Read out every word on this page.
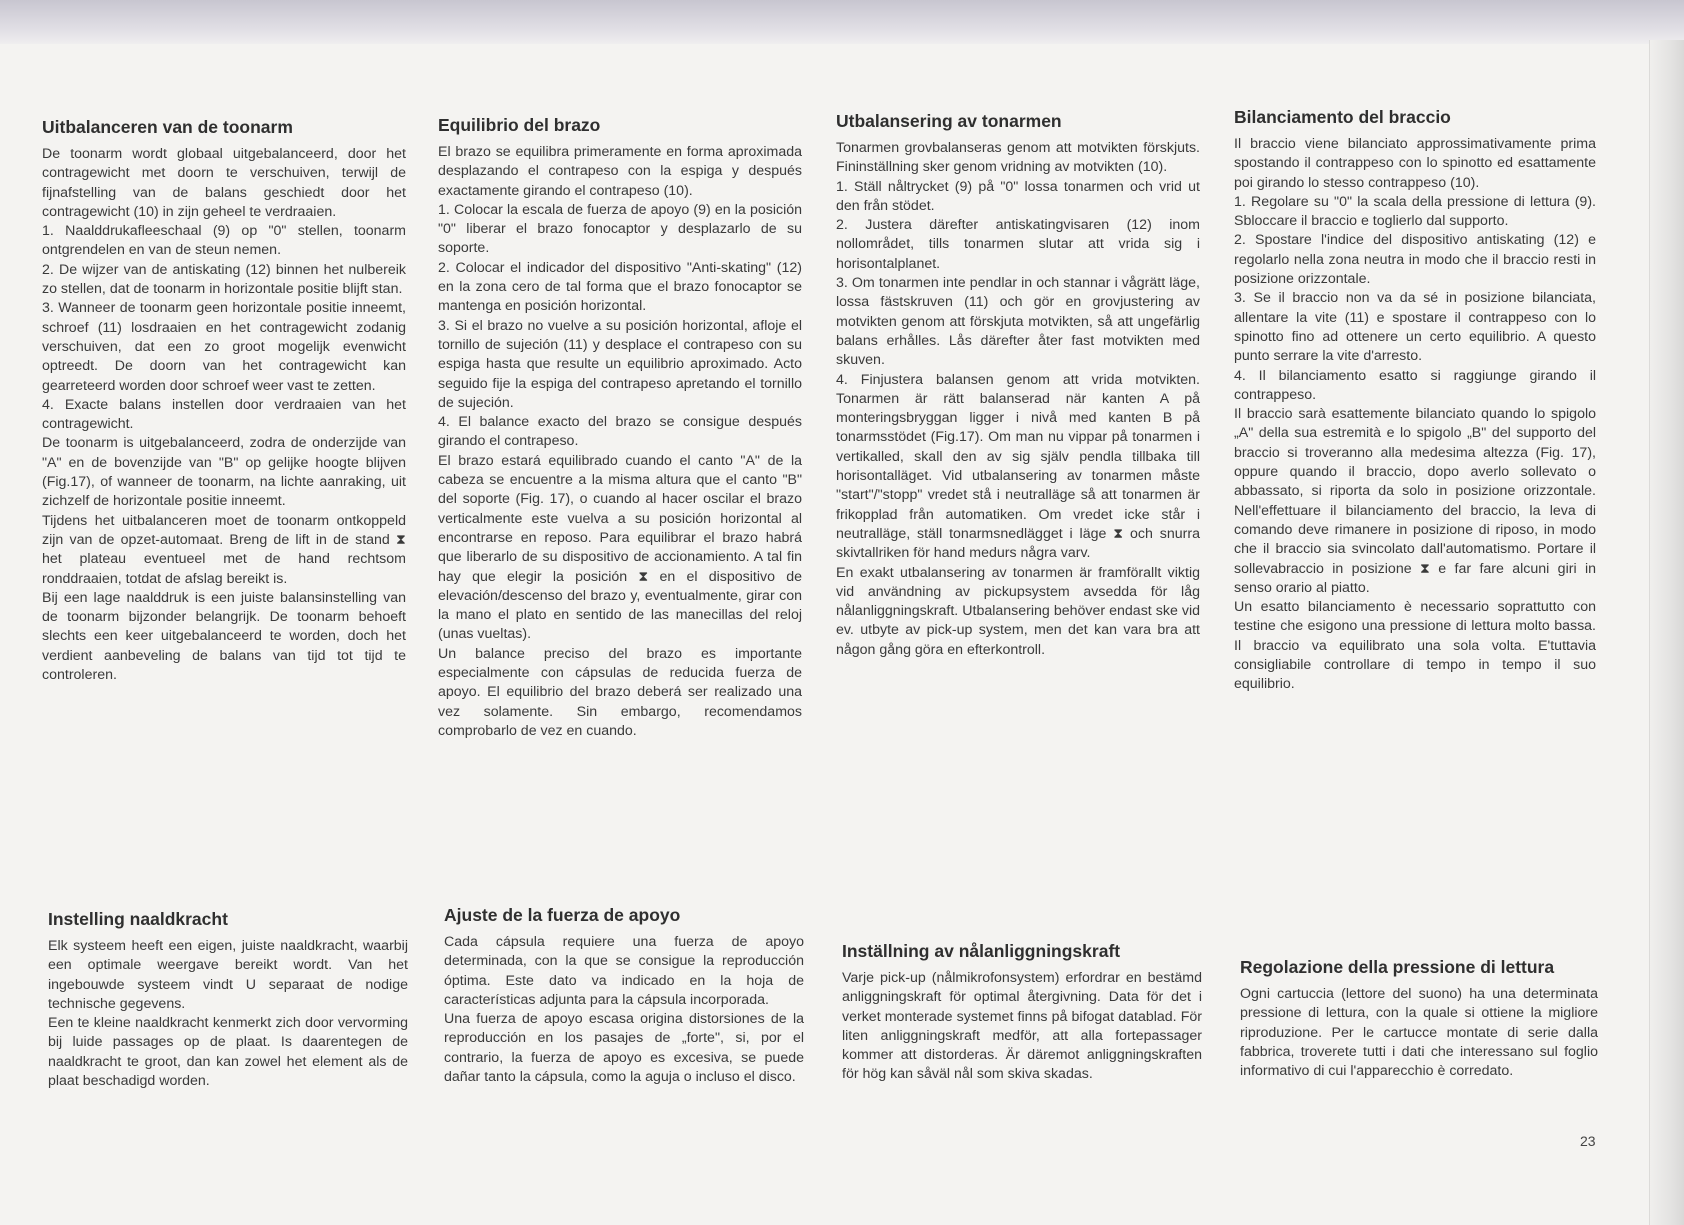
Uitbalanceren van de toonarm

De toonarm wordt globaal uitgebalanceerd, door het contragewicht met doorn te verschuiven, terwijl de fijnafstelling van de balans geschiedt door het contragewicht (10) in zijn geheel te verdraaien.

1. Naalddrukafleeschaal (9) op "0" stellen, toonarm ontgrendelen en van de steun nemen.

2. De wijzer van de antiskating (12) binnen het nulbereik zo stellen, dat de toonarm in horizontale positie blijft stan.

3. Wanneer de toonarm geen horizontale positie inneemt, schroef (11) losdraaien en het contragewicht zodanig verschuiven, dat een zo groot mogelijk evenwicht optreedt. De doorn van het contragewicht kan gearreteerd worden door schroef weer vast te zetten.

4. Exacte balans instellen door verdraaien van het contragewicht.

De toonarm is uitgebalanceerd, zodra de onderzijde van "A" en de bovenzijde van "B" op gelijke hoogte blijven (Fig.17), of wanneer de toonarm, na lichte aanraking, uit zichzelf de horizontale positie inneemt.

Tijdens het uitbalanceren moet de toonarm ontkoppeld zijn van de opzet-automaat. Breng de lift in de stand ⧗ het plateau eventueel met de hand rechtsom ronddraaien, totdat de afslag bereikt is.

Bij een lage naalddruk is een juiste balansinstelling van de toonarm bijzonder belangrijk. De toonarm behoeft slechts een keer uitgebalanceerd te worden, doch het verdient aanbeveling de balans van tijd tot tijd te controleren.

Instelling naaldkracht

Elk systeem heeft een eigen, juiste naaldkracht, waarbij een optimale weergave bereikt wordt. Van het ingebouwde systeem vindt U separaat de nodige technische gegevens.

Een te kleine naaldkracht kenmerkt zich door vervorming bij luide passages op de plaat. Is daarentegen de naaldkracht te groot, dan kan zowel het element als de plaat beschadigd worden.

Equilibrio del brazo

El brazo se equilibra primeramente en forma aproximada desplazando el contrapeso con la espiga y después exactamente girando el contrapeso (10).

1. Colocar la escala de fuerza de apoyo (9) en la posición "0" liberar el brazo fonocaptor y desplazarlo de su soporte.

2. Colocar el indicador del dispositivo "Anti-skating" (12) en la zona cero de tal forma que el brazo fonocaptor se mantenga en posición horizontal.

3. Si el brazo no vuelve a su posición horizontal, afloje el tornillo de sujeción (11) y desplace el contrapeso con su espiga hasta que resulte un equilibrio aproximado. Acto seguido fije la espiga del contrapeso apretando el tornillo de sujeción.

4. El balance exacto del brazo se consigue después girando el contrapeso.

El brazo estará equilibrado cuando el canto "A" de la cabeza se encuentre a la misma altura que el canto "B" del soporte (Fig. 17), o cuando al hacer oscilar el brazo verticalmente este vuelva a su posición horizontal al encontrarse en reposo. Para equilibrar el brazo habrá que liberarlo de su dispositivo de accionamiento. A tal fin hay que elegir la posición ⧗ en el dispositivo de elevación/descenso del brazo y, eventualmente, girar con la mano el plato en sentido de las manecillas del reloj (unas vueltas).

Un balance preciso del brazo es importante especialmente con cápsulas de reducida fuerza de apoyo. El equilibrio del brazo deberá ser realizado una vez solamente. Sin embargo, recomendamos comprobarlo de vez en cuando.

Ajuste de la fuerza de apoyo

Cada cápsula requiere una fuerza de apoyo determinada, con la que se consigue la reproducción óptima. Este dato va indicado en la hoja de características adjunta para la cápsula incorporada.

Una fuerza de apoyo escasa origina distorsiones de la reproducción en los pasajes de „forte", si, por el contrario, la fuerza de apoyo es excesiva, se puede dañar tanto la cápsula, como la aguja o incluso el disco.

Utbalansering av tonarmen

Tonarmen grovbalanseras genom att motvikten förskjuts. Fininställning sker genom vridning av motvikten (10).

1. Ställ nåltrycket (9) på "0" lossa tonarmen och vrid ut den från stödet.

2. Justera därefter antiskatingvisaren (12) inom nollområdet, tills tonarmen slutar att vrida sig i horisontalplanet.

3. Om tonarmen inte pendlar in och stannar i vågrätt läge, lossa fästskruven (11) och gör en grovjustering av motvikten genom att förskjuta motvikten, så att ungefärlig balans erhålles. Lås därefter åter fast motvikten med skuven.

4. Finjustera balansen genom att vrida motvikten. Tonarmen är rätt balanserad när kanten A på monteringsbryggan ligger i nivå med kanten B på tonarmsstödet (Fig.17). Om man nu vippar på tonarmen i vertikalled, skall den av sig själv pendla tillbaka till horisontalläget. Vid utbalansering av tonarmen måste "start"/"stopp" vredet stå i neutralläge så att tonarmen är frikopplad från automatiken. Om vredet icke står i neutralläge, ställ tonarmsnedlägget i läge ⧗ och snurra skivtallriken för hand medurs några varv.

En exakt utbalansering av tonarmen är framförallt viktig vid användning av pickupsystem avsedda för låg nålanliggningskraft. Utbalansering behöver endast ske vid ev. utbyte av pick-up system, men det kan vara bra att någon gång göra en efterkontroll.

Inställning av nålanliggningskraft

Varje pick-up (nålmikrofonsystem) erfordrar en bestämd anliggningskraft för optimal återgivning. Data för det i verket monterade systemet finns på bifogat datablad. För liten anliggningskraft medför, att alla fortepassager kommer att distorderas. Är däremot anliggningskraften för hög kan såväl nål som skiva skadas.

Bilanciamento del braccio

Il braccio viene bilanciato approssimativamente prima spostando il contrappeso con lo spinotto ed esattamente poi girando lo stesso contrappeso (10).

1. Regolare su "0" la scala della pressione di lettura (9). Sbloccare il braccio e toglierlo dal supporto.

2. Spostare l'indice del dispositivo antiskating (12) e regolarlo nella zona neutra in modo che il braccio resti in posizione orizzontale.

3. Se il braccio non va da sé in posizione bilanciata, allentare la vite (11) e spostare il contrappeso con lo spinotto fino ad ottenere un certo equilibrio. A questo punto serrare la vite d'arresto.

4. Il bilanciamento esatto si raggiunge girando il contrappeso.

Il braccio sarà esattemente bilanciato quando lo spigolo „A" della sua estremità e lo spigolo „B" del supporto del braccio si troveranno alla medesima altezza (Fig. 17), oppure quando il braccio, dopo averlo sollevato o abbassato, si riporta da solo in posizione orizzontale. Nell'effettuare il bilanciamento del braccio, la leva di comando deve rimanere in posizione di riposo, in modo che il braccio sia svincolato dall'automatismo. Portare il sollevabraccio in posizione ⧗ e far fare alcuni giri in senso orario al piatto.

Un esatto bilanciamento è necessario soprattutto con testine che esigono una pressione di lettura molto bassa. Il braccio va equilibrato una sola volta. E'tuttavia consigliabile controllare di tempo in tempo il suo equilibrio.

Regolazione della pressione di lettura

Ogni cartuccia (lettore del suono) ha una determinata pressione di lettura, con la quale si ottiene la migliore riproduzione. Per le cartucce montate di serie dalla fabbrica, troverete tutti i dati che interessano sul foglio informativo di cui l'apparecchio è corredato.

23
